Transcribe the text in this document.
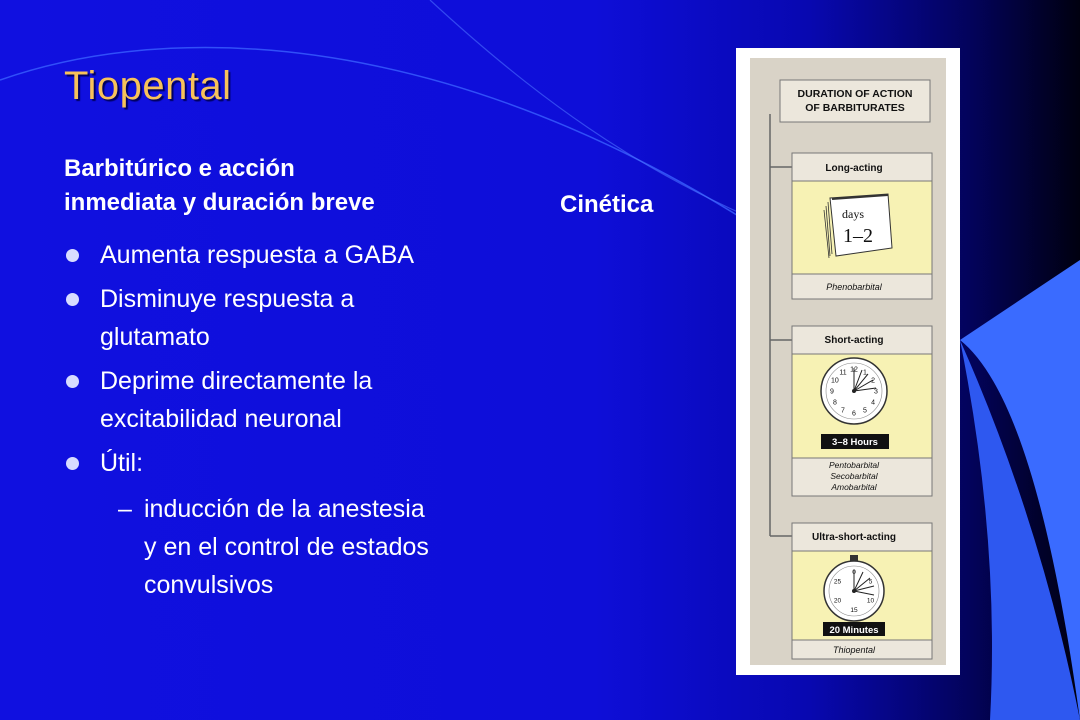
Tiopental

Barbitúrico e acción
inmediata y duración breve	Cinética
Aumenta respuesta a GABA
Disminuye respuesta a
glutamato
Deprime directamente la
excitabilidad neuronal
Útil:
– inducción de la anestesia
y en el control de estados
convulsivos
DURATION OF ACTION
OF BARBITURATES
Long-acting
Phenobarbital
days
1–2
Short-acting
Pentobarbital
Secobarbital
Amobarbital
12 1
2
3
4
5
6
7
8
9
10
11
3–8 Hours
Ultra-short-acting
Thiopental
0
5
10
15
20
25
20 Minutes
